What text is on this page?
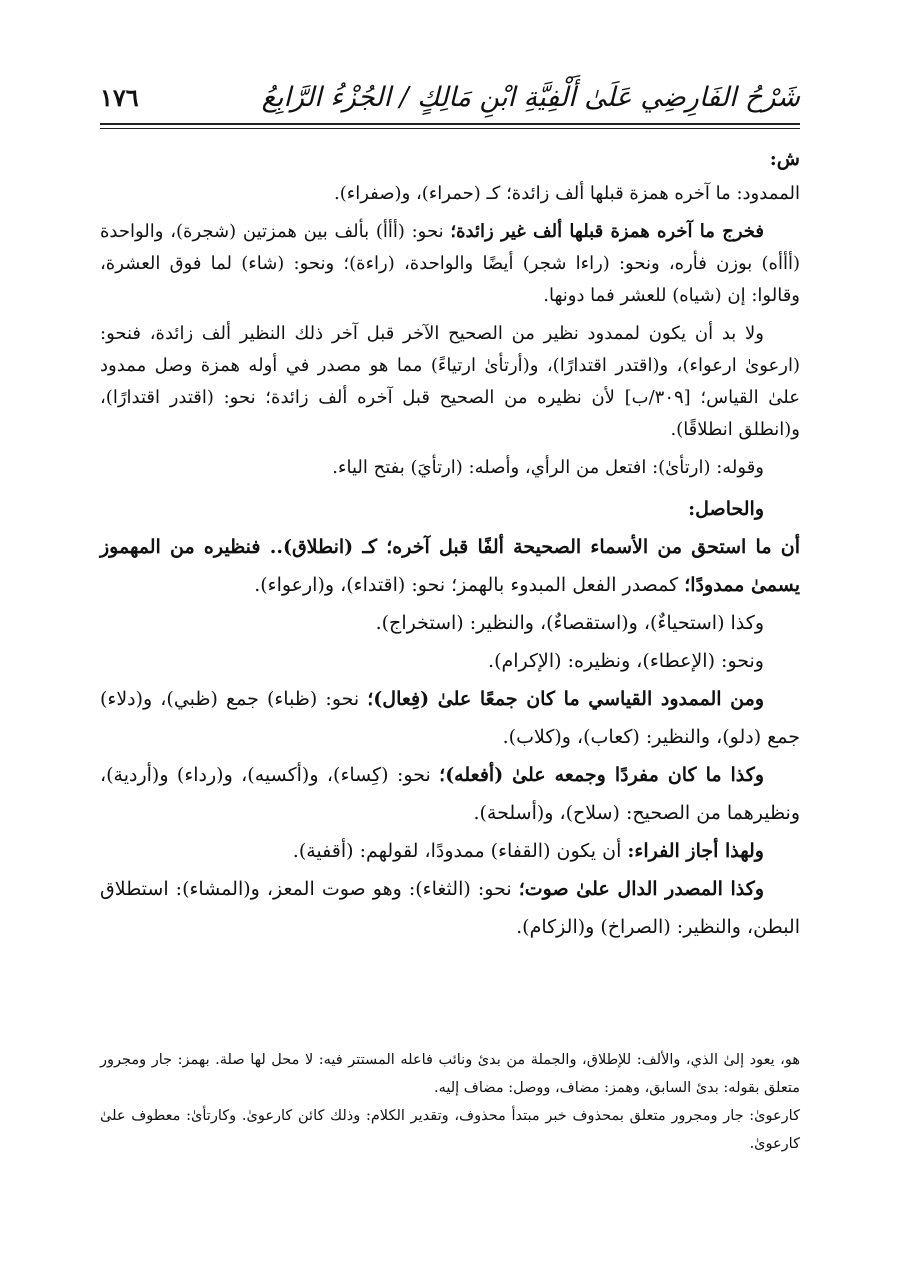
شَرْحُ الفَارِضِي عَلَىٰ أَلْفِيَّةِ ابْنِ مَالِكٍ / الجُزْءُ الرَّابِعُ
١٧٦

ش:

الممدود: ما آخره همزة قبلها ألف زائدة؛ كـ (حمراء)، و(صفراء).

فخرج ما آخره همزة قبلها ألف غير زائدة؛ نحو: (أأأ) بألف بين همزتين (شجرة)، والواحدة (أأأه) بوزن فأره، ونحو: (راءا شجر) أيضًا والواحدة، (راءة)؛ ونحو: (شاء) لما فوق العشرة، وقالوا: إن (شياه) للعشر فما دونها.

ولا بد أن يكون لممدود نظير من الصحيح الآخر قبل آخر ذلك النظير ألف زائدة، فنحو: (ارعوىٰ ارعواء)، و(اقتدر اقتدارًا)، و(أرتأىٰ ارتياءً) مما هو مصدر في أوله همزة وصل ممدود علىٰ القياس؛ [٣٠٩/ب] لأن نظيره من الصحيح قبل آخره ألف زائدة؛ نحو: (اقتدر اقتدارًا)، و(انطلق انطلاقًا).

وقوله: (ارتأىٰ): افتعل من الرأي، وأصله: (ارتأيَ) بفتح الياء.

والحاصل:

أن ما استحق من الأسماء الصحيحة ألفًا قبل آخره؛ كـ (انطلاق).. فنظيره من المهموز يسمىٰ ممدودًا؛ كمصدر الفعل المبدوء بالهمز؛ نحو: (اقتداء)، و(ارعواء).

وكذا (استحياءٌ)، و(استقصاءٌ)، والنظير: (استخراج).

ونحو: (الإعطاء)، ونظيره: (الإكرام).

ومن الممدود القياسي ما كان جمعًا علىٰ (فِعال)؛ نحو: (ظباء) جمع (ظبي)، و(دلاء) جمع (دلو)، والنظير: (كعاب)، و(كلاب).

وكذا ما كان مفردًا وجمعه علىٰ (أفعله)؛ نحو: (كِساء)، و(أكسيه)، و(رداء) و(أردية)، ونظيرهما من الصحيح: (سلاح)، و(أسلحة).

ولهذا أجاز الفراء: أن يكون (القفاء) ممدودًا، لقولهم: (أقفية).

وكذا المصدر الدال علىٰ صوت؛ نحو: (الثغاء): وهو صوت المعز، و(المشاء): استطلاق البطن، والنظير: (الصراخ) و(الزكام).

هو، يعود إلىٰ الذي، والألف: للإطلاق، والجملة من بدئ ونائب فاعله المستتر فيه: لا محل لها صلة. بهمز: جار ومجرور متعلق بقوله: بدئ السابق، وهمز: مضاف، ووصل: مضاف إليه.

كارعوىٰ: جار ومجرور متعلق بمحذوف خبر مبتدأ محذوف، وتقدير الكلام: وذلك كائن كارعوىٰ. وكارتأىٰ: معطوف علىٰ كارعوىٰ.
